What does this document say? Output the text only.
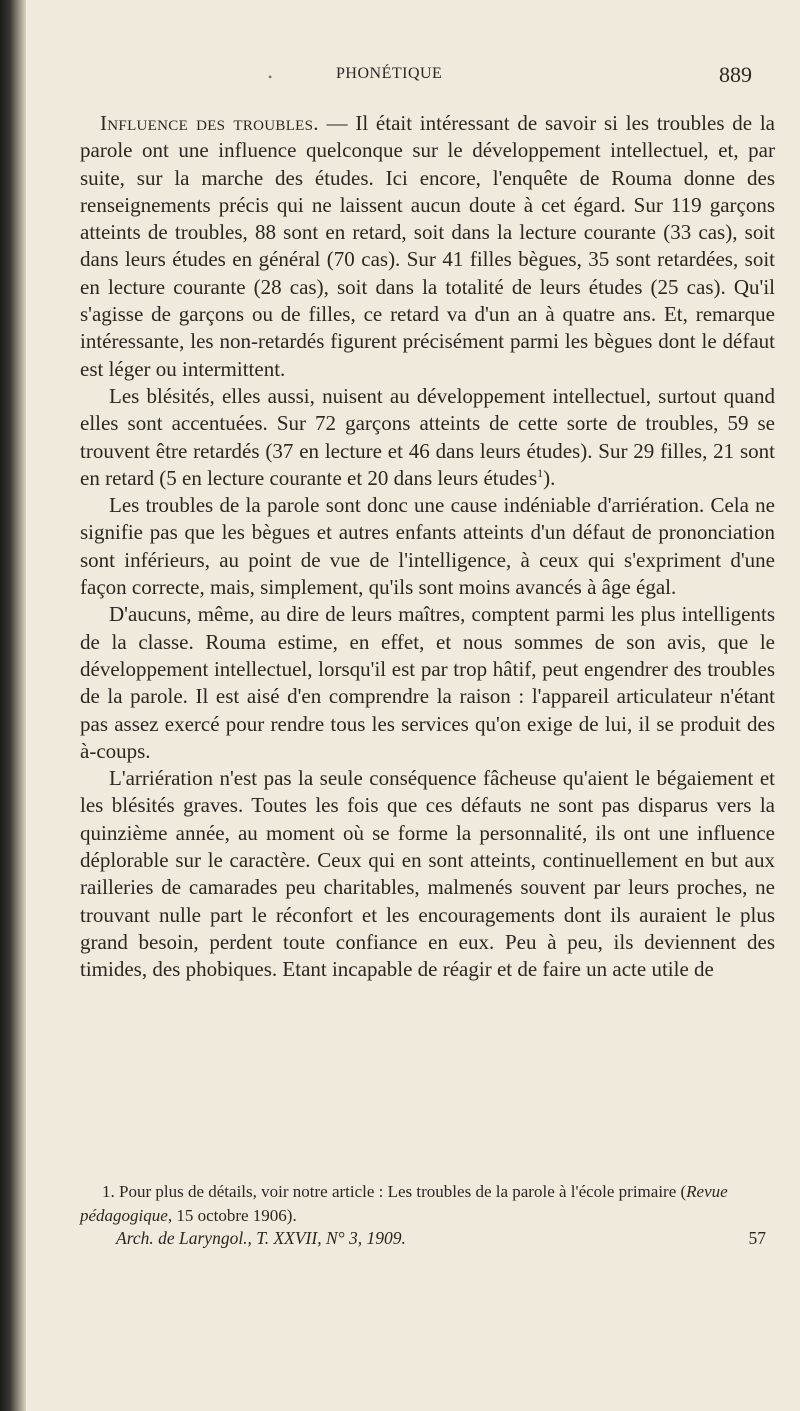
•	PHONÉTIQUE	889

Influence des troubles. — Il était intéressant de savoir si les troubles de la parole ont une influence quelconque sur le développement intellectuel, et, par suite, sur la marche des études. Ici encore, l'enquête de Rouma donne des renseignements précis qui ne laissent aucun doute à cet égard. Sur 119 garçons atteints de troubles, 88 sont en retard, soit dans la lecture courante (33 cas), soit dans leurs études en général (70 cas). Sur 41 filles bègues, 35 sont retardées, soit en lecture courante (28 cas), soit dans la totalité de leurs études (25 cas). Qu'il s'agisse de garçons ou de filles, ce retard va d'un an à quatre ans. Et, remarque intéressante, les non-retardés figurent précisément parmi les bègues dont le défaut est léger ou intermittent.

Les blésités, elles aussi, nuisent au développement intellectuel, surtout quand elles sont accentuées. Sur 72 garçons atteints de cette sorte de troubles, 59 se trouvent être retardés (37 en lecture et 46 dans leurs études). Sur 29 filles, 21 sont en retard (5 en lecture courante et 20 dans leurs études$^1$).

Les troubles de la parole sont donc une cause indéniable d'arriération. Cela ne signifie pas que les bègues et autres enfants atteints d'un défaut de prononciation sont inférieurs, au point de vue de l'intelligence, à ceux qui s'expriment d'une façon correcte, mais, simplement, qu'ils sont moins avancés à âge égal.

D'aucuns, même, au dire de leurs maîtres, comptent parmi les plus intelligents de la classe. Rouma estime, en effet, et nous sommes de son avis, que le développement intellectuel, lorsqu'il est par trop hâtif, peut engendrer des troubles de la parole. Il est aisé d'en comprendre la raison : l'appareil articulateur n'étant pas assez exercé pour rendre tous les services qu'on exige de lui, il se produit des à-coups.

L'arriération n'est pas la seule conséquence fâcheuse qu'aient le bégaiement et les blésités graves. Toutes les fois que ces défauts ne sont pas disparus vers la quinzième année, au moment où se forme la personnalité, ils ont une influence déplorable sur le caractère. Ceux qui en sont atteints, continuellement en but aux railleries de camarades peu charitables, malmenés souvent par leurs proches, ne trouvant nulle part le réconfort et les encouragements dont ils auraient le plus grand besoin, perdent toute confiance en eux. Peu à peu, ils deviennent des timides, des phobiques. Etant incapable de réagir et de faire un acte utile de

1. Pour plus de détails, voir notre article : Les troubles de la parole à l'école primaire (Revue pédagogique, 15 octobre 1906).

Arch. de Laryngol., T. XXVII, N° 3, 1909.	57
